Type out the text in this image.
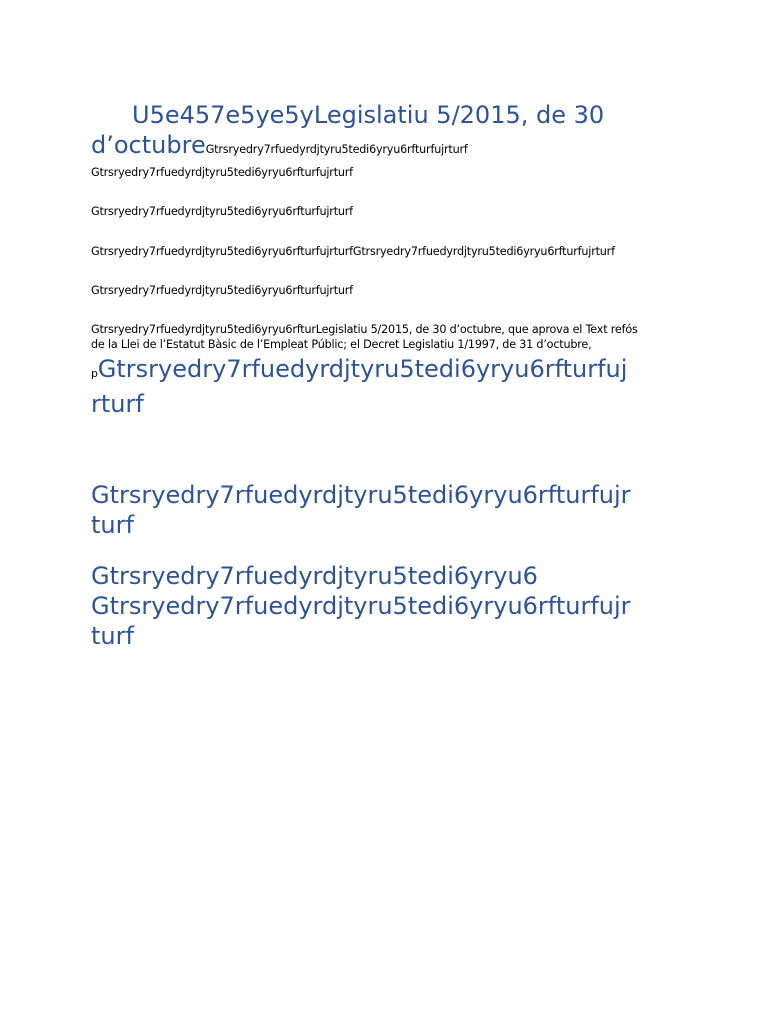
U5e457e5ye5yLegislatiu 5/2015, de 30
d’octubreGtrsryedry7rfuedyrdjtyru5tedi6yryu6rfturfujrturf

Gtrsryedry7rfuedyrdjtyru5tedi6yryu6rfturfujrturf

Gtrsryedry7rfuedyrdjtyru5tedi6yryu6rfturfujrturf

Gtrsryedry7rfuedyrdjtyru5tedi6yryu6rfturfujrturfGtrsryedry7rfuedyrdjtyru5tedi6yryu6rfturfujrturf

Gtrsryedry7rfuedyrdjtyru5tedi6yryu6rfturfujrturf

Gtrsryedry7rfuedyrdjtyru5tedi6yryu6rfturLegislatiu 5/2015, de 30 d’octubre, que aprova el Text refós
de la Llei de l’Estatut Bàsic de l’Empleat Públic; el Decret Legislatiu 1/1997, de 31 d’octubre,

pGtrsryedry7rfuedyrdjtyru5tedi6yryu6rfturfuj
rturf

Gtrsryedry7rfuedyrdjtyru5tedi6yryu6rfturfujr
turf

Gtrsryedry7rfuedyrdjtyru5tedi6yryu6
Gtrsryedry7rfuedyrdjtyru5tedi6yryu6rfturfujr
turf
